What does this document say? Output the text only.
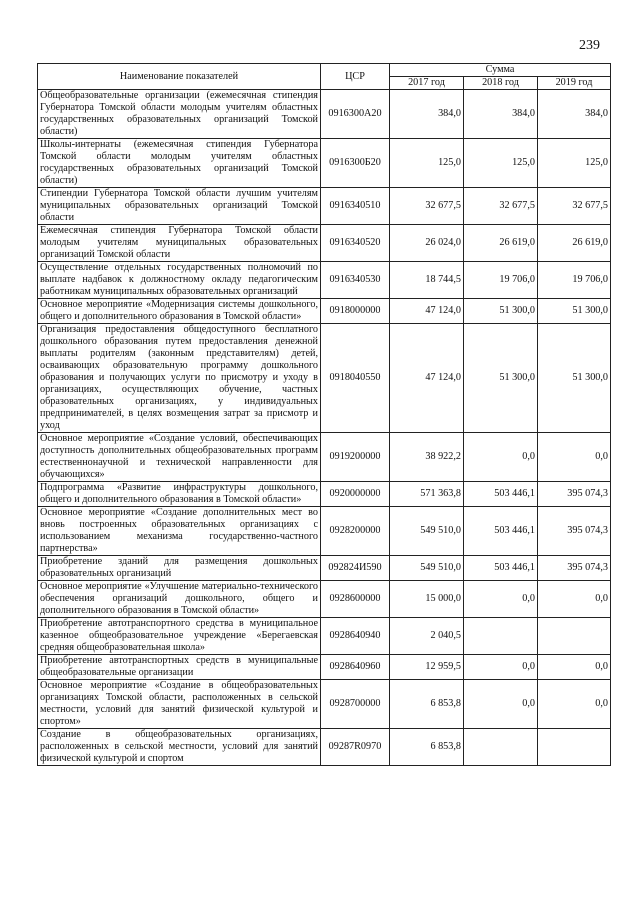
239
Наименование показателей	ЦСР	Сумма		
		2017 год	2018 год	2019 год
Общеобразовательные организации (ежемесячная стипендия Губернатора Томской области молодым учителям областных государственных образовательных организаций Томской области)	0916300А20	384,0	384,0	384,0
Школы-интернаты (ежемесячная стипендия Губернатора Томской области молодым учителям областных государственных образовательных организаций Томской области)	0916300Б20	125,0	125,0	125,0
Стипендии Губернатора Томской области лучшим учителям муниципальных образовательных организаций Томской области	0916340510	32 677,5	32 677,5	32 677,5
Ежемесячная стипендия Губернатора Томской области молодым учителям муниципальных образовательных организаций Томской области	0916340520	26 024,0	26 619,0	26 619,0
Осуществление отдельных государственных полномочий по выплате надбавок к должностному окладу педагогическим работникам муниципальных образовательных организаций	0916340530	18 744,5	19 706,0	19 706,0
Основное мероприятие «Модернизация системы дошкольного, общего и дополнительного образования в Томской области»	0918000000	47 124,0	51 300,0	51 300,0
Организация предоставления общедоступного бесплатного дошкольного образования путем предоставления денежной выплаты родителям (законным представителям) детей, осваивающих образовательную программу дошкольного образования и получающих услуги по присмотру и уходу в организациях, осуществляющих обучение, частных образовательных организациях, у индивидуальных предпринимателей, в целях возмещения затрат за присмотр и уход	0918040550	47 124,0	51 300,0	51 300,0
Основное мероприятие «Создание условий, обеспечивающих доступность дополнительных общеобразовательных программ естественнонаучной и технической направленности для обучающихся»	0919200000	38 922,2	0,0	0,0
Подпрограмма «Развитие инфраструктуры дошкольного, общего и дополнительного образования в Томской области»	0920000000	571 363,8	503 446,1	395 074,3
Основное мероприятие «Создание дополнительных мест во вновь построенных образовательных организациях с использованием механизма государственно-частного партнерства»	0928200000	549 510,0	503 446,1	395 074,3
Приобретение зданий для размещения дошкольных образовательных организаций	092824И590	549 510,0	503 446,1	395 074,3
Основное мероприятие «Улучшение материально-технического обеспечения организаций дошкольного, общего и дополнительного образования в Томской области»	0928600000	15 000,0	0,0	0,0
Приобретение автотранспортного средства в муниципальное казенное общеобразовательное учреждение «Берегаевская средняя общеобразовательная школа»	0928640940	2 040,5		
Приобретение автотранспортных средств в муниципальные общеобразовательные организации	0928640960	12 959,5	0,0	0,0
Основное мероприятие «Создание в общеобразовательных организациях Томской области, расположенных в сельской местности, условий для занятий физической культурой и спортом»	0928700000	6 853,8	0,0	0,0
Создание в общеобразовательных организациях, расположенных в сельской местности, условий для занятий физической культурой и спортом	09287R0970	6 853,8		
